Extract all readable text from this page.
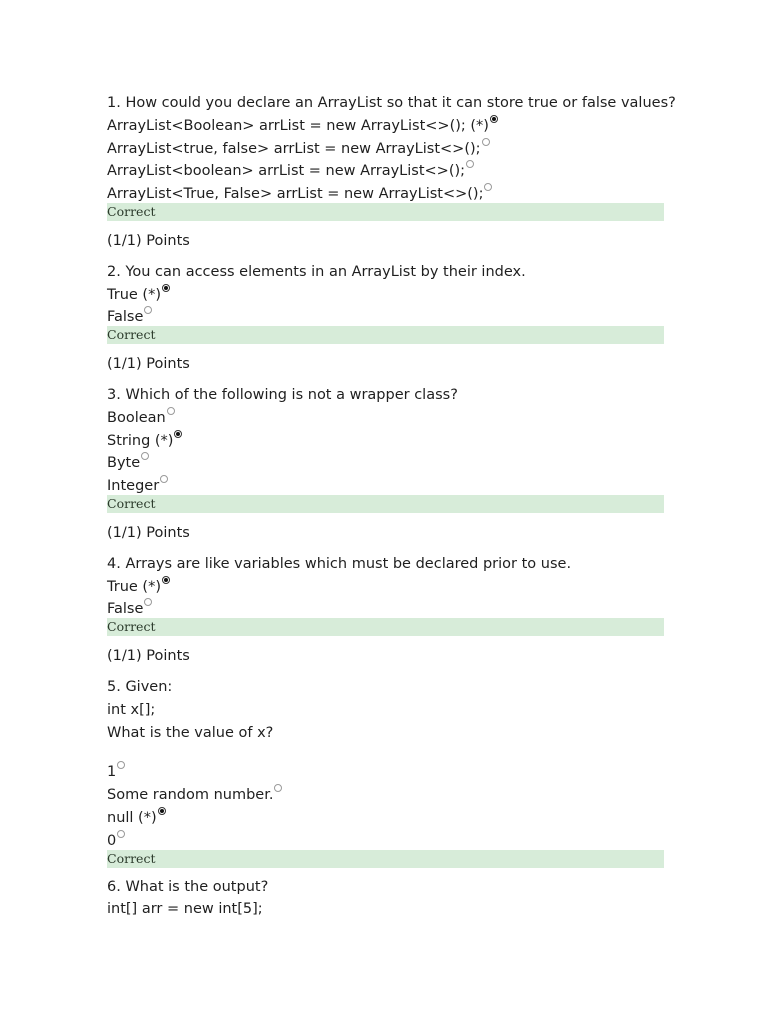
1. How could you declare an ArrayList so that it can store true or false values?
ArrayList<Boolean> arrList = new ArrayList<>(); (*)
ArrayList<true, false> arrList = new ArrayList<>();
ArrayList<boolean> arrList = new ArrayList<>();
ArrayList<True, False> arrList = new ArrayList<>();
Correct
(1/1) Points
2. You can access elements in an ArrayList by their index.
True (*)
False
Correct
(1/1) Points
3. Which of the following is not a wrapper class?
Boolean
String (*)
Byte
Integer
Correct
(1/1) Points
4. Arrays are like variables which must be declared prior to use.
True (*)
False
Correct
(1/1) Points
5. Given:
int x[];
What is the value of x?
1
Some random number.
null (*)
0
Correct
6. What is the output?
int[] arr = new int[5];
